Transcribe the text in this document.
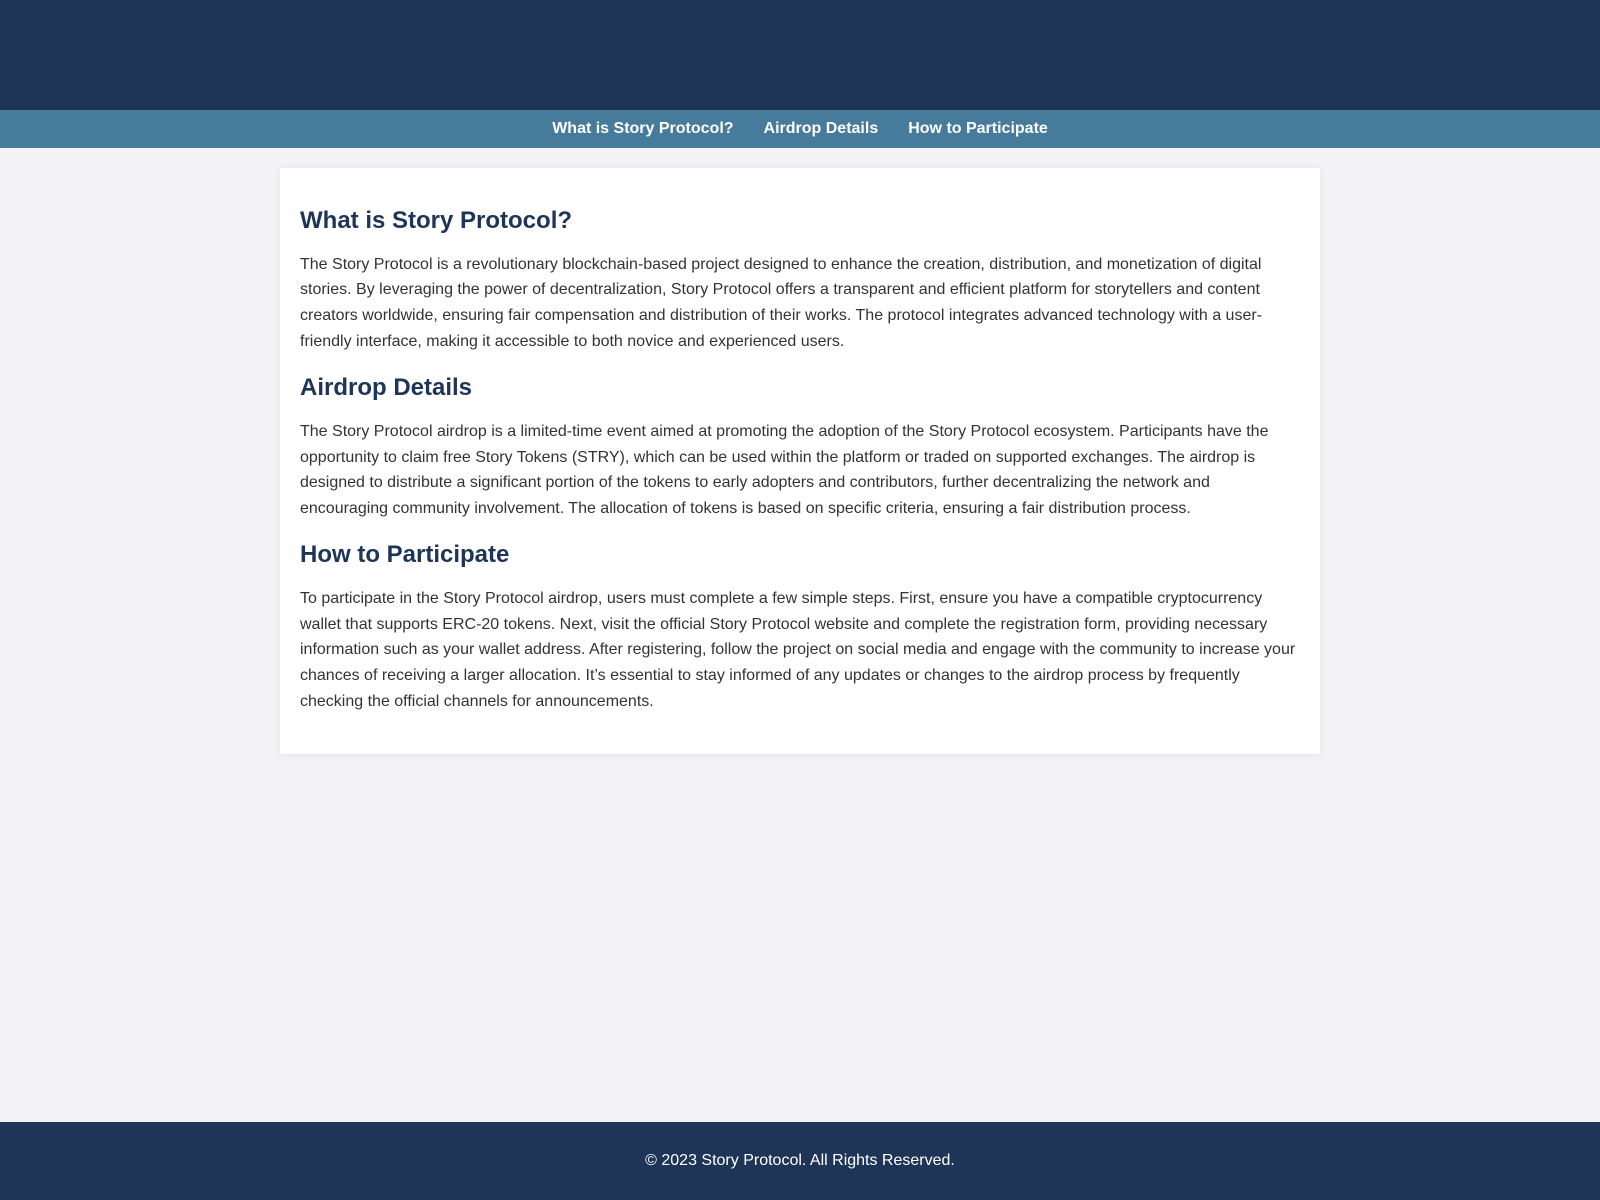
What is Story Protocol? Airdrop Details How to Participate
What is Story Protocol?

The Story Protocol is a revolutionary blockchain-based project designed to enhance the creation, distribution, and monetization of digital stories. By leveraging the power of decentralization, Story Protocol offers a transparent and efficient platform for storytellers and content creators worldwide, ensuring fair compensation and distribution of their works. The protocol integrates advanced technology with a user-friendly interface, making it accessible to both novice and experienced users.

Airdrop Details

The Story Protocol airdrop is a limited-time event aimed at promoting the adoption of the Story Protocol ecosystem. Participants have the opportunity to claim free Story Tokens (STRY), which can be used within the platform or traded on supported exchanges. The airdrop is designed to distribute a significant portion of the tokens to early adopters and contributors, further decentralizing the network and encouraging community involvement. The allocation of tokens is based on specific criteria, ensuring a fair distribution process.

How to Participate

To participate in the Story Protocol airdrop, users must complete a few simple steps. First, ensure you have a compatible cryptocurrency wallet that supports ERC-20 tokens. Next, visit the official Story Protocol website and complete the registration form, providing necessary information such as your wallet address. After registering, follow the project on social media and engage with the community to increase your chances of receiving a larger allocation. It’s essential to stay informed of any updates or changes to the airdrop process by frequently checking the official channels for announcements.

© 2023 Story Protocol. All Rights Reserved.
